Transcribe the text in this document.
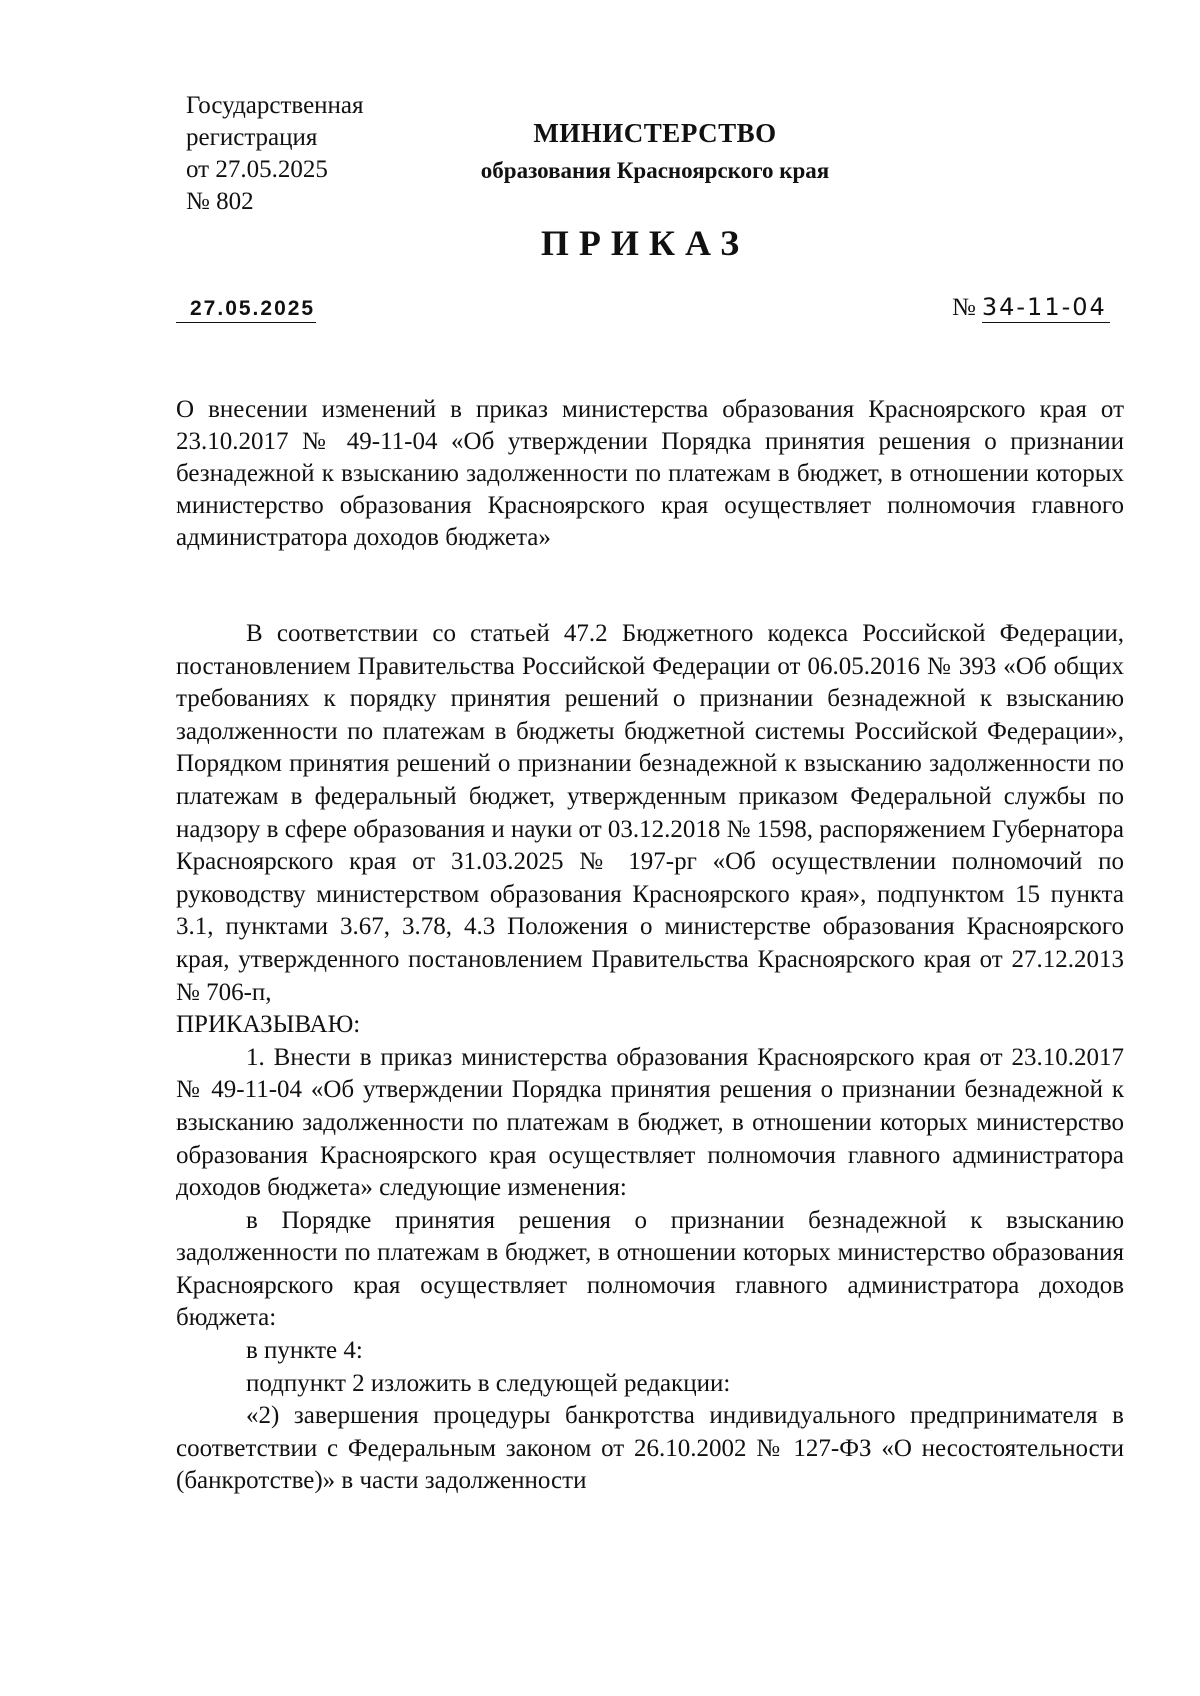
Государственная
регистрация
от 27.05.2025
№ 802
МИНИСТЕРСТВО
образования Красноярского края
ПРИКАЗ
27.05.2025	№ 34-11-04
О внесении изменений в приказ министерства образования Красноярского края от 23.10.2017 № 49-11-04 «Об утверждении Порядка принятия решения о признании безнадежной к взысканию задолженности по платежам в бюджет, в отношении которых министерство образования Красноярского края осуществляет полномочия главного администратора доходов бюджета»

В соответствии со статьей 47.2 Бюджетного кодекса Российской Федерации, постановлением Правительства Российской Федерации от 06.05.2016 № 393 «Об общих требованиях к порядку принятия решений о признании безнадежной к взысканию задолженности по платежам в бюджеты бюджетной системы Российской Федерации», Порядком принятия решений о признании безнадежной к взысканию задолженности по платежам в федеральный бюджет, утвержденным приказом Федеральной службы по надзору в сфере образования и науки от 03.12.2018 № 1598, распоряжением Губернатора Красноярского края от 31.03.2025 № 197-рг «Об осуществлении полномочий по руководству министерством образования Красноярского края», подпунктом 15 пункта 3.1, пунктами 3.67, 3.78, 4.3 Положения о министерстве образования Красноярского края, утвержденного постановлением Правительства Красноярского края от 27.12.2013 № 706-п,

ПРИКАЗЫВАЮ:

1. Внести в приказ министерства образования Красноярского края от 23.10.2017 № 49-11-04 «Об утверждении Порядка принятия решения о признании безнадежной к взысканию задолженности по платежам в бюджет, в отношении которых министерство образования Красноярского края осуществляет полномочия главного администратора доходов бюджета» следующие изменения:

в Порядке принятия решения о признании безнадежной к взысканию задолженности по платежам в бюджет, в отношении которых министерство образования Красноярского края осуществляет полномочия главного администратора доходов бюджета:

в пункте 4:

подпункт 2 изложить в следующей редакции:

«2) завершения процедуры банкротства индивидуального предпринимателя в соответствии с Федеральным законом от 26.10.2002 № 127-ФЗ «О несостоятельности (банкротстве)» в части задолженности
